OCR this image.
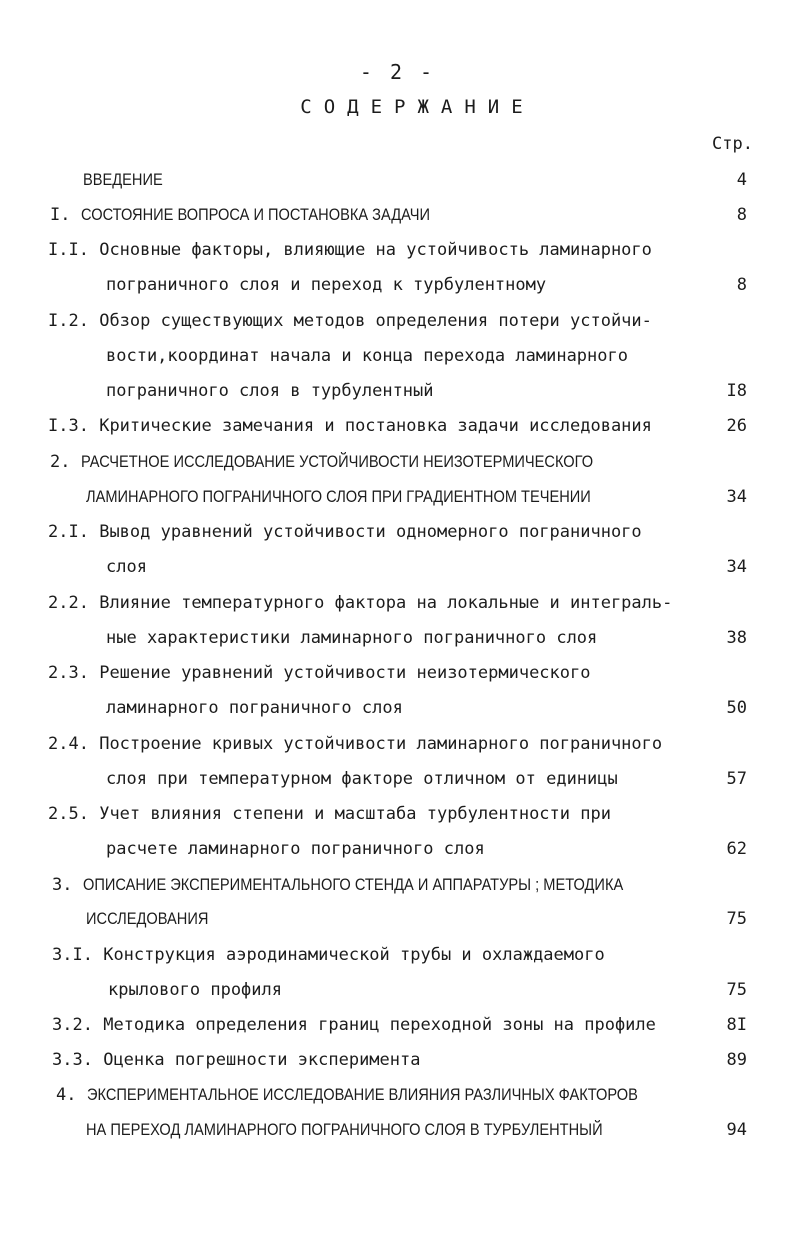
- 2 -
СОДЕРЖАНИЕ
Стр.
ВВЕДЕНИЕ	4
I. СОСТОЯНИЕ ВОПРОСА И ПОСТАНОВКА ЗАДАЧИ	8
I.I. Основные факторы, влияющие на устойчивость ламинарного
пограничного слоя и переход к турбулентному	8
I.2. Обзор существующих методов определения потери устойчи-
вости,координат начала и конца перехода ламинарного
пограничного слоя в турбулентный	I8
I.3. Критические замечания и постановка задачи исследования	26
2. РАСЧЕТНОЕ ИССЛЕДОВАНИЕ УСТОЙЧИВОСТИ НЕИЗОТЕРМИЧЕСКОГО
ЛАМИНАРНОГО ПОГРАНИЧНОГО СЛОЯ ПРИ ГРАДИЕНТНОМ ТЕЧЕНИИ	34
2.I. Вывод уравнений устойчивости одномерного пограничного
слоя	34
2.2. Влияние температурного фактора на локальные и интеграль-
ные характеристики ламинарного пограничного слоя	38
2.3. Решение уравнений устойчивости неизотермического
ламинарного пограничного слоя	50
2.4. Построение кривых устойчивости ламинарного пограничного
слоя при температурном факторе отличном от единицы	57
2.5. Учет влияния степени и масштаба турбулентности при
расчете ламинарного пограничного слоя	62
3. ОПИСАНИЕ ЭКСПЕРИМЕНТАЛЬНОГО СТЕНДА И АППАРАТУРЫ ; МЕТОДИКА
ИССЛЕДОВАНИЯ	75
3.I. Конструкция аэродинамической трубы и охлаждаемого
крылового профиля	75
3.2. Методика определения границ переходной зоны на профиле	8I
3.3. Оценка погрешности эксперимента	89
4. ЭКСПЕРИМЕНТАЛЬНОЕ ИССЛЕДОВАНИЕ ВЛИЯНИЯ РАЗЛИЧНЫХ ФАКТОРОВ
НА ПЕРЕХОД ЛАМИНАРНОГО ПОГРАНИЧНОГО СЛОЯ В ТУРБУЛЕНТНЫЙ	94
